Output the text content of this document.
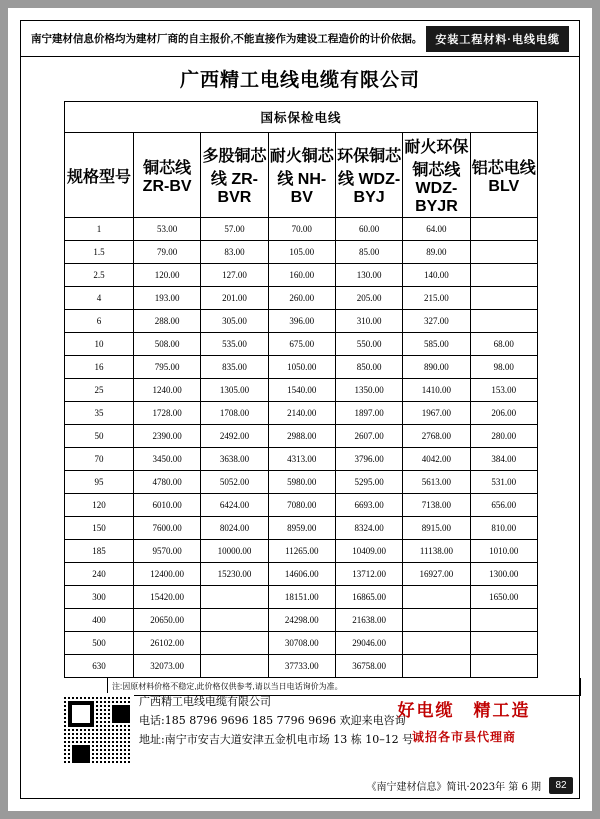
南宁建材信息价格均为建材厂商的自主报价,不能直接作为建设工程造价的计价依据。	安装工程材料·电线电缆
广西精工电线电缆有限公司
国标保检电线						
规格型号	铜芯线 ZR-BV	多股铜芯线 ZR-BVR	耐火铜芯线 NH-BV	环保铜芯线 WDZ-BYJ	耐火环保铜芯线 WDZ-BYJR	铝芯电线 BLV
1	53.00	57.00	70.00	60.00	64.00	
1.5	79.00	83.00	105.00	85.00	89.00	
2.5	120.00	127.00	160.00	130.00	140.00	
4	193.00	201.00	260.00	205.00	215.00	
6	288.00	305.00	396.00	310.00	327.00	
10	508.00	535.00	675.00	550.00	585.00	68.00
16	795.00	835.00	1050.00	850.00	890.00	98.00
25	1240.00	1305.00	1540.00	1350.00	1410.00	153.00
35	1728.00	1708.00	2140.00	1897.00	1967.00	206.00
50	2390.00	2492.00	2988.00	2607.00	2768.00	280.00
70	3450.00	3638.00	4313.00	3796.00	4042.00	384.00
95	4780.00	5052.00	5980.00	5295.00	5613.00	531.00
120	6010.00	6424.00	7080.00	6693.00	7138.00	656.00
150	7600.00	8024.00	8959.00	8324.00	8915.00	810.00
185	9570.00	10000.00	11265.00	10409.00	11138.00	1010.00
240	12400.00	15230.00	14606.00	13712.00	16927.00	1300.00
300	15420.00		18151.00	16865.00		1650.00
400	20650.00		24298.00	21638.00		
500	26102.00		30708.00	29046.00		
630	32073.00		37733.00	36758.00		
注:因原材料价格不稳定,此价格仅供参考,请以当日电话询价为准。
广西精工电线电缆有限公司
电话:185 8796 9696 185 7796 9696 欢迎来电咨询
地址:南宁市安吉大道安津五金机电市场 13 栋 10–12 号
好电缆　精工造
诚招各市县代理商
《南宁建材信息》简讯·2023年 第 6 期	82
